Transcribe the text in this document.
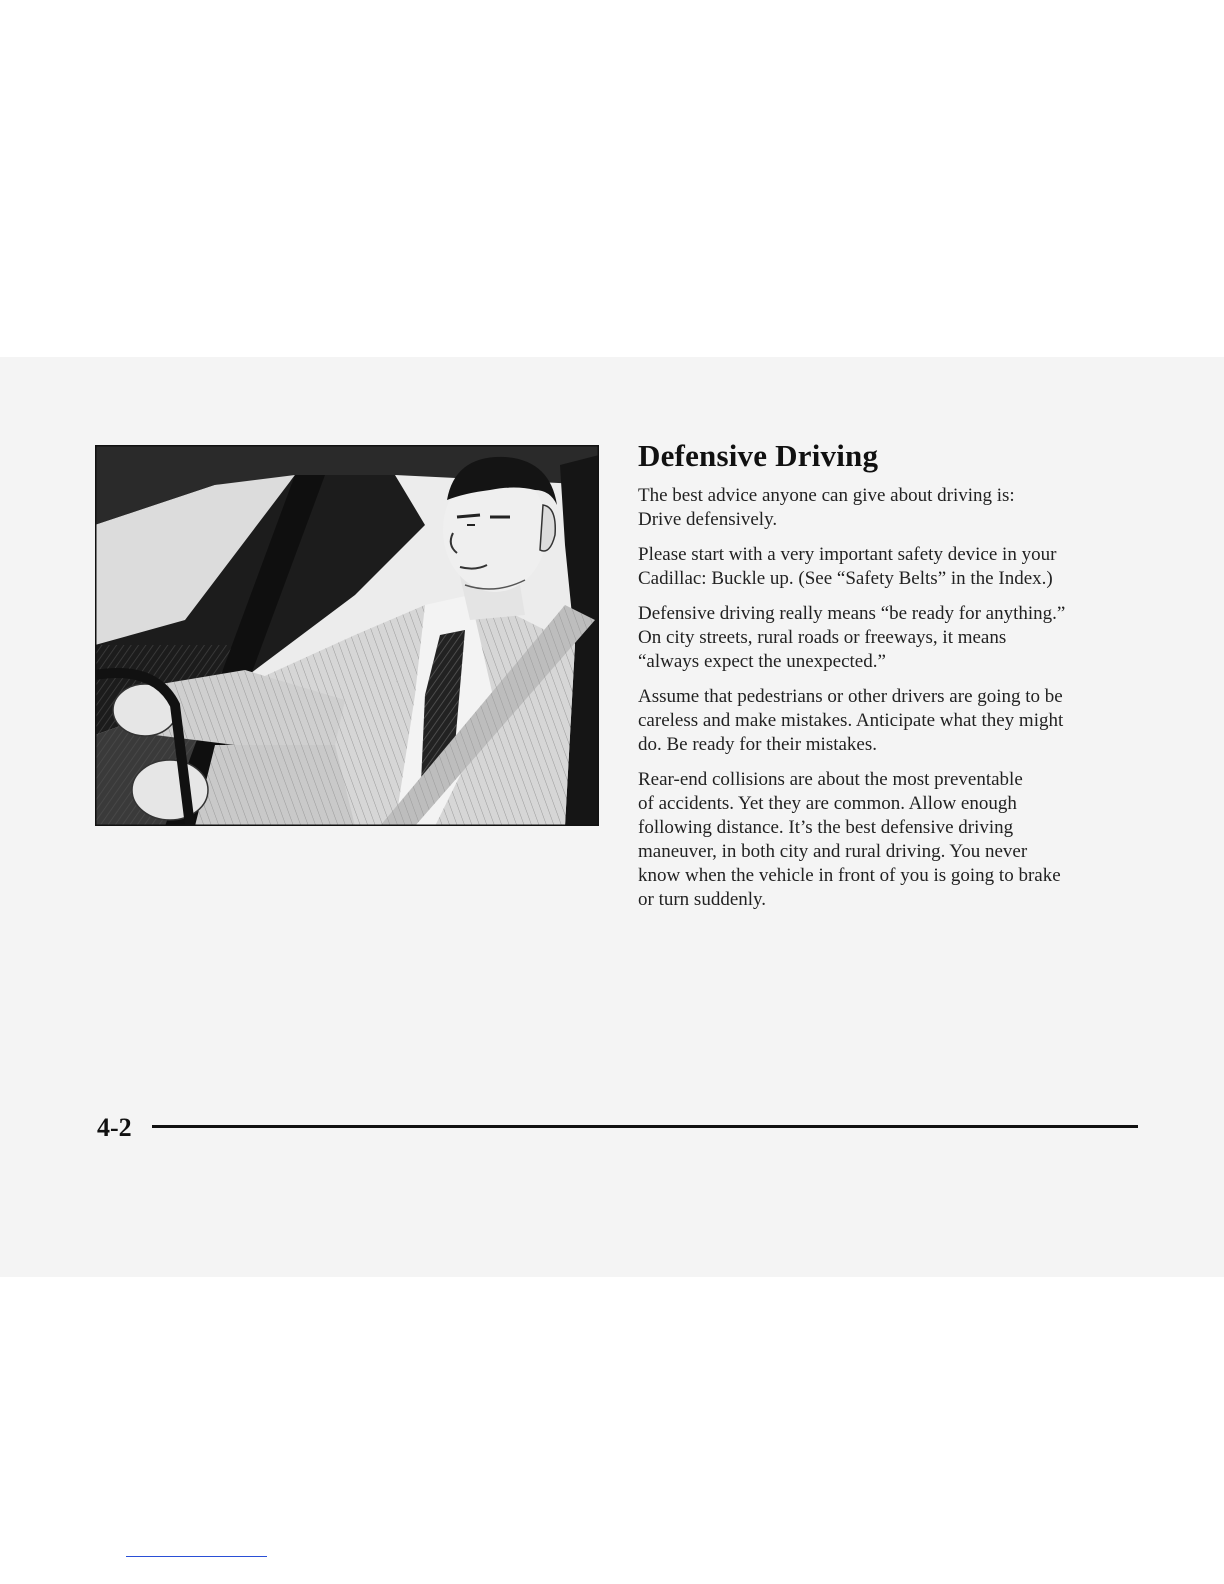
Defensive Driving

The best advice anyone can give about driving is:
Drive defensively.

Please start with a very important safety device in your
Cadillac: Buckle up. (See “Safety Belts” in the Index.)

Defensive driving really means “be ready for anything.”
On city streets, rural roads or freeways, it means
“always expect the unexpected.”

Assume that pedestrians or other drivers are going to be
careless and make mistakes. Anticipate what they might
do. Be ready for their mistakes.

Rear-end collisions are about the most preventable
of accidents. Yet they are common. Allow enough
following distance. It’s the best defensive driving
maneuver, in both city and rural driving. You never
know when the vehicle in front of you is going to brake
or turn suddenly.

4-2
